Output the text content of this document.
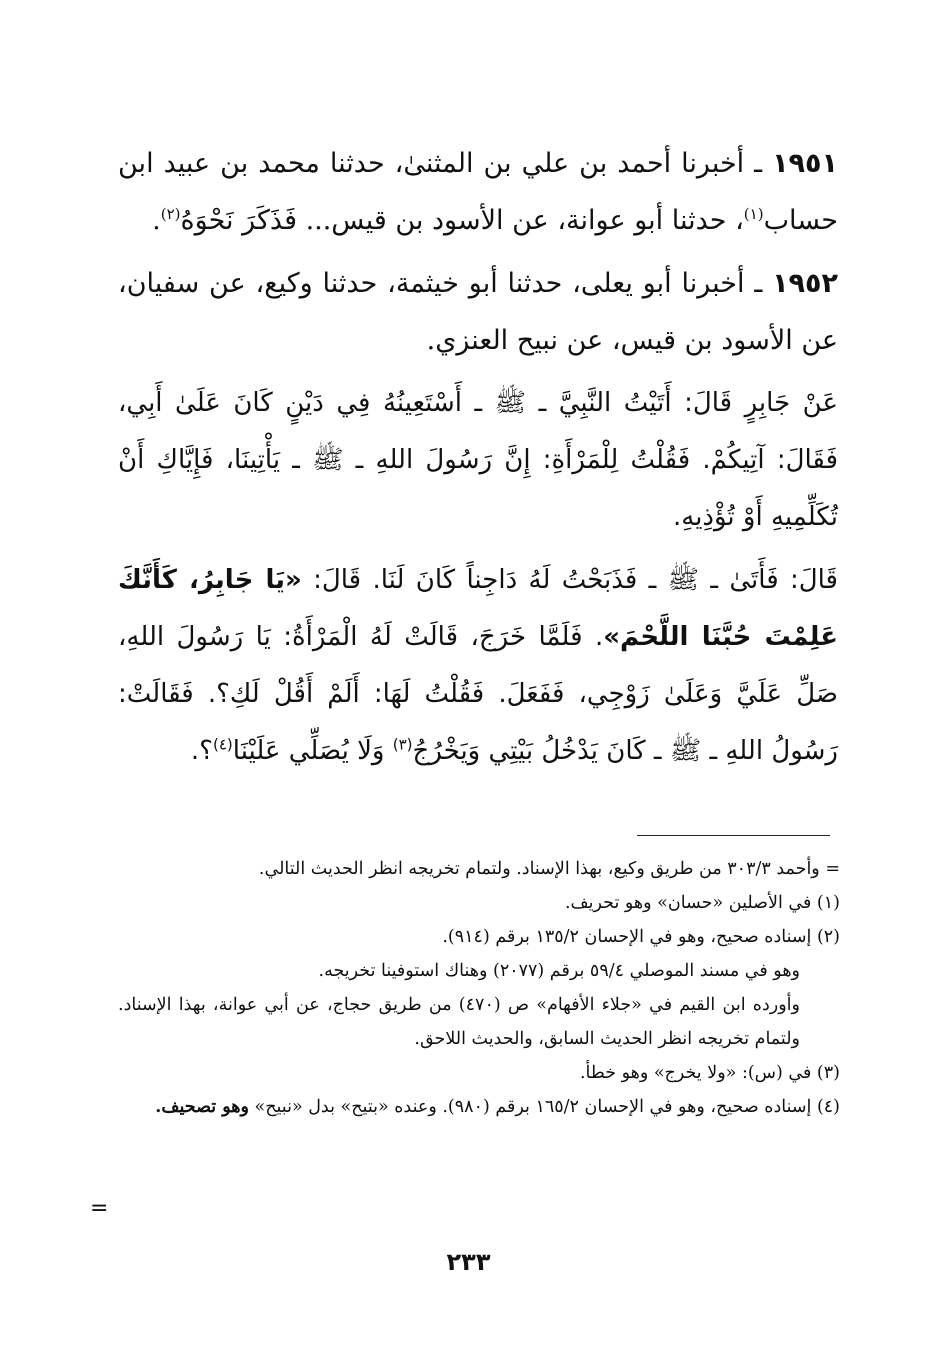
١٩٥١ ـ أخبرنا أحمد بن علي بن المثنىٰ، حدثنا محمد بن عبيد ابن حساب$^{(١)}$، حدثنا أبو عوانة، عن الأسود بن قيس... فَذَكَرَ نَحْوَهُ$^{(٢)}$.

١٩٥٢ ـ أخبرنا أبو يعلى، حدثنا أبو خيثمة، حدثنا وكيع، عن سفيان، عن الأسود بن قيس، عن نبيح العنزي.

عَنْ جَابِرٍ قَالَ: أَتَيْتُ النَّبِيَّ ـ ﷺ ـ أَسْتَعِينُهُ فِي دَيْنٍ كَانَ عَلَىٰ أَبِي، فَقَالَ: آتِيكُمْ. فَقُلْتُ لِلْمَرْأَةِ: إِنَّ رَسُولَ اللهِ ـ ﷺ ـ يَأْتِينَا، فَإِيَّاكِ أَنْ تُكَلِّمِيهِ أَوْ تُؤْذِيهِ.

قَالَ: فَأَتَىٰ ـ ﷺ ـ فَذَبَحْتُ لَهُ دَاجِناً كَانَ لَنَا. قَالَ: «يَا جَابِرُ، كَأَنَّكَ عَلِمْتَ حُبَّنَا اللَّحْمَ». فَلَمَّا خَرَجَ، قَالَتْ لَهُ الْمَرْأَةُ: يَا رَسُولَ اللهِ، صَلِّ عَلَيَّ وَعَلَىٰ زَوْجِي، فَفَعَلَ. فَقُلْتُ لَهَا: أَلَمْ أَقُلْ لَكِ؟. فَقَالَتْ: رَسُولُ اللهِ ـ ﷺ ـ كَانَ يَدْخُلُ بَيْتِي وَيَخْرُجُ$^{(٣)}$ وَلَا يُصَلِّي عَلَيْنَا$^{(٤)}$؟.

= وأحمد ٣٠٣/٣ من طريق وكيع، بهذا الإسناد. ولتمام تخريجه انظر الحديث التالي.

(١) في الأصلين «حسان» وهو تحريف.

(٢) إسناده صحيح، وهو في الإحسان ١٣٥/٢ برقم (٩١٤).

وهو في مسند الموصلي ٥٩/٤ برقم (٢٠٧٧) وهناك استوفينا تخريجه.

وأورده ابن القيم في «جلاء الأفهام» ص (٤٧٠) من طريق حجاج، عن أبي عوانة، بهذا الإسناد. ولتمام تخريجه انظر الحديث السابق، والحديث اللاحق.

(٣) في (س): «ولا يخرج» وهو خطأ.

(٤) إسناده صحيح، وهو في الإحسان ١٦٥/٢ برقم (٩٨٠). وعنده «بتيح» بدل «نبيح» وهو تصحيف.

=
٢٣٣
